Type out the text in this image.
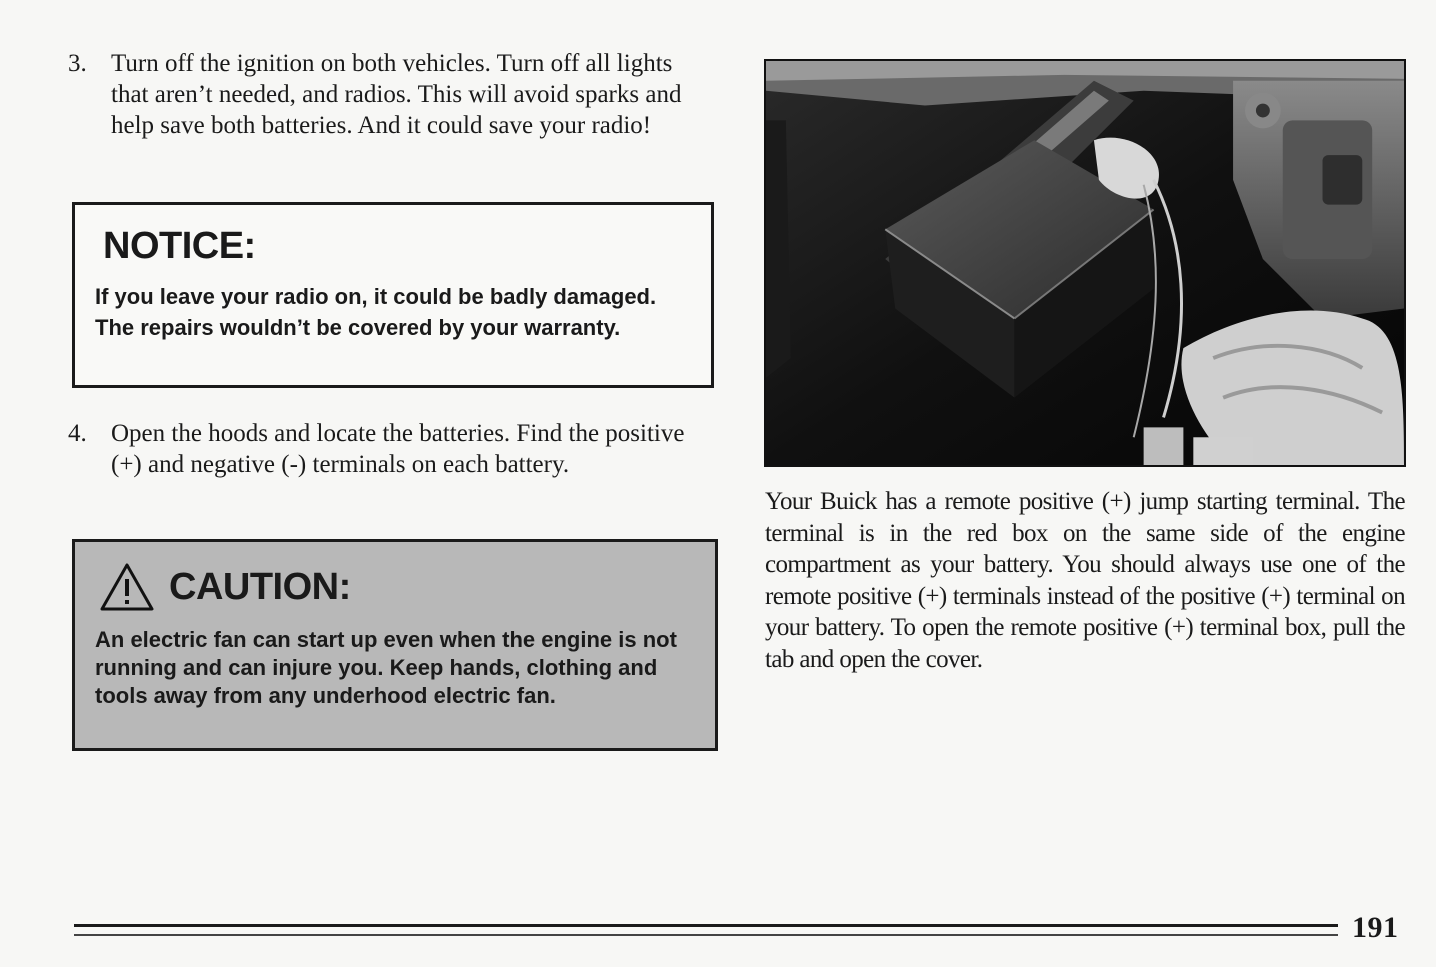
3. Turn off the ignition on both vehicles. Turn off all lights that aren’t needed, and radios. This will avoid sparks and help save both batteries. And it could save your radio!
NOTICE:
If you leave your radio on, it could be badly damaged. The repairs wouldn’t be covered by your warranty.
4. Open the hoods and locate the batteries. Find the positive (+) and negative (-) terminals on each battery.
CAUTION:
An electric fan can start up even when the engine is not running and can injure you. Keep hands, clothing and tools away from any underhood electric fan.
Your Buick has a remote positive (+) jump starting terminal. The terminal is in the red box on the same side of the engine compartment as your battery. You should always use one of the remote positive (+) terminals instead of the positive (+) terminal on your battery. To open the remote positive (+) terminal box, pull the tab and open the cover.
191
